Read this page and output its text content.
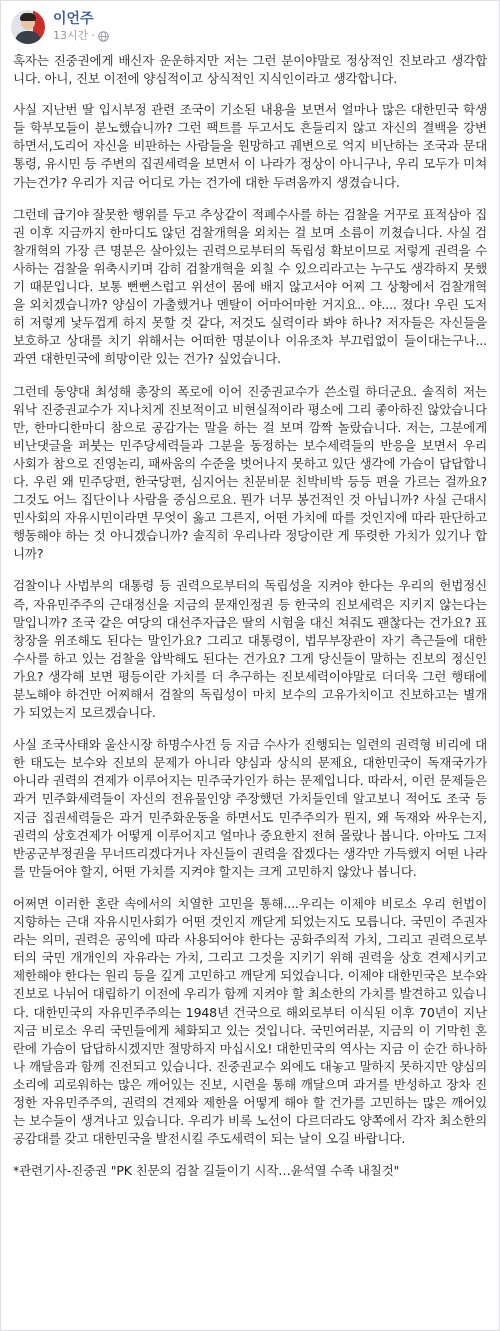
이언주
13시간 ·

혹자는 진중권에게 배신자 운운하지만 저는 그런 분이야말로 정상적인 진보라고 생각합니다. 아니, 진보 이전에 양심적이고 상식적인 지식인이라고 생각합니다.

사실 지난번 딸 입시부정 관련 조국이 기소된 내용을 보면서 얼마나 많은 대한민국 학생들 학부모들이 분노했습니까? 그런 팩트를 두고서도 흔들리지 않고 자신의 결백을 강변하면서,도리어 자신을 비판하는 사람들을 원망하고 궤변으로 억지 비난하는 조국과 문대통령, 유시민 등 주변의 집권세력을 보면서 이 나라가 정상이 아니구나, 우리 모두가 미쳐가는건가? 우리가 지금 어디로 가는 건가에 대한 두려움까지 생겼습니다.

그런데 급기야 잘못한 행위를 두고 추상같이 적폐수사를 하는 검찰을 거꾸로 표적삼아 집권 이후 지금까지 한마디도 않던 검찰개혁을 외치는 걸 보며 소름이 끼쳤습니다. 사실 검찰개혁의 가장 큰 명분은 살아있는 권력으로부터의 독립성 확보이므로 저렇게 권력을 수사하는 검찰을 위축시키며 감히 검찰개혁을 외칠 수 있으리라고는 누구도 생각하지 못했기 때문입니다. 보통 뻔뻔스럽고 위선이 몸에 배지 않고서야 어찌 그 상황에서 검찰개혁을 외치겠습니까? 양심이 가출했거나 멘탈이 어마어마한 거지요.. 야.... 졌다! 우린 도저히 저렇게 낯두껍게 하지 못할 것 같다, 저것도 실력이라 봐야 하나? 저자들은 자신들을 보호하고 상대를 치기 위해서는 어떠한 명분이나 이유조차 부끄럽없이 들이대는구나... 과연 대한민국에 희망이란 있는 건가? 싶었습니다.

그런데 동양대 최성해 총장의 폭로에 이어 진중권교수가 쓴소릴 하더군요. 솔직히 저는 워낙 진중권교수가 지나치게 진보적이고 비현실적이라 평소에 그리 좋아하진 않았습니다만, 한마디한마디 참으로 공감가는 말을 하는 걸 보며 깜짝 놀랐습니다. 저는, 그분에게 비난댓글을 퍼붓는 민주당세력들과 그분을 동정하는 보수세력들의 반응을 보면서 우리 사회가 참으로 진영논리, 패싸움의 수준을 벗어나지 못하고 있단 생각에 가슴이 답답합니다. 우린 왜 민주당편, 한국당편, 심지어는 친문비문 친박비박 등등 편을 가르는 걸까요? 그것도 어느 집단이나 사람을 중심으로요. 뭔가 너무 봉건적인 것 아닙니까? 사실 근대시민사회의 자유시민이라면 무엇이 옳고 그른지, 어떤 가치에 따를 것인지에 따라 판단하고 행동해야 하는 것 아니겠습니까? 솔직히 우리나라 정당이란 게 뚜렷한 가치가 있기나 합니까?

검찰이나 사법부의 대통령 등 권력으로부터의 독립성을 지켜야 한다는 우리의 헌법정신 즉, 자유민주주의 근대정신을 지금의 문재인정권 등 한국의 진보세력은 지키지 않는다는 말입니까? 조국 같은 여당의 대선주자급은 딸의 시험을 대신 쳐줘도 괜찮다는 건가요? 표창장을 위조해도 된다는 말인가요? 그리고 대통령이, 법무부장관이 자기 측근들에 대한 수사를 하고 있는 검찰을 압박해도 된다는 건가요? 그게 당신들이 말하는 진보의 정신인가요? 생각해 보면 평등이란 가치를 더 추구하는 진보세력이야말로 더더욱 그런 행태에 분노해야 하건만 어찌해서 검찰의 독립성이 마치 보수의 고유가치이고 진보하고는 별개가 되었는지 모르겠습니다.

사실 조국사태와 울산시장 하명수사건 등 지금 수사가 진행되는 일련의 권력형 비리에 대한 태도는 보수와 진보의 문제가 아니라 양심과 상식의 문제요, 대한민국이 독재국가가 아니라 권력의 견제가 이루어지는 민주국가인가 하는 문제입니다. 따라서, 이런 문제들은 과거 민주화세력들이 자신의 전유물인양 주장했던 가치들인데 알고보니 적어도 조국 등 지금 집권세력들은 과거 민주화운동을 하면서도 민주주의가 뭔지, 왜 독재와 싸우는지, 권력의 상호견제가 어떻게 이루어지고 얼마나 중요한지 전혀 몰랐나 봅니다. 아마도 그저 반공군부정권을 무너뜨리겠다거나 자신들이 권력을 잡겠다는 생각만 가득했지 어떤 나라를 만들어야 할지, 어떤 가치를 지켜야 할지는 크게 고민하지 않았나 봅니다.

어쩌면 이러한 혼란 속에서의 치열한 고민을 통해....우리는 이제야 비로소 우리 헌법이 지향하는 근대 자유시민사회가 어떤 것인지 깨닫게 되었는지도 모릅니다. 국민이 주권자라는 의미, 권력은 공익에 따라 사용되어야 한다는 공화주의적 가치, 그리고 권력으로부터의 국민 개개인의 자유라는 가치, 그리고 그것을 지키기 위해 권력을 상호 견제시키고 제한해야 한다는 원리 등을 깊게 고민하고 깨닫게 되었습니다. 이제야 대한민국은 보수와 진보로 나뉘어 대립하기 이전에 우리가 함께 지켜야 할 최소한의 가치를 발견하고 있습니다. 대한민국의 자유민주주의는 1948년 건국으로 해외로부터 이식된 이후 70년이 지난 지금 비로소 우리 국민들에게 체화되고 있는 것입니다. 국민여러분, 지금의 이 기막힌 혼란에 가슴이 답답하시겠지만 절망하지 마십시오! 대한민국의 역사는 지금 이 순간 하나하나 깨달음과 함께 진전되고 있습니다. 진중권교수 외에도 대놓고 말하지 못하지만 양심의 소리에 괴로워하는 많은 깨어있는 진보, 시련을 통해 깨달으며 과거를 반성하고 장차 진정한 자유민주주의, 권력의 견제와 제한을 어떻게 해야 할 건가를 고민하는 많은 깨어있는 보수들이 생겨나고 있습니다. 우리가 비록 노선이 다르더라도 양쪽에서 각자 최소한의 공감대를 갖고 대한민국을 발전시킬 주도세력이 되는 날이 오길 바랍니다.

*관련기사-진중권 "PK 친문의 검찰 길들이기 시작…윤석열 수족 내칠것"
